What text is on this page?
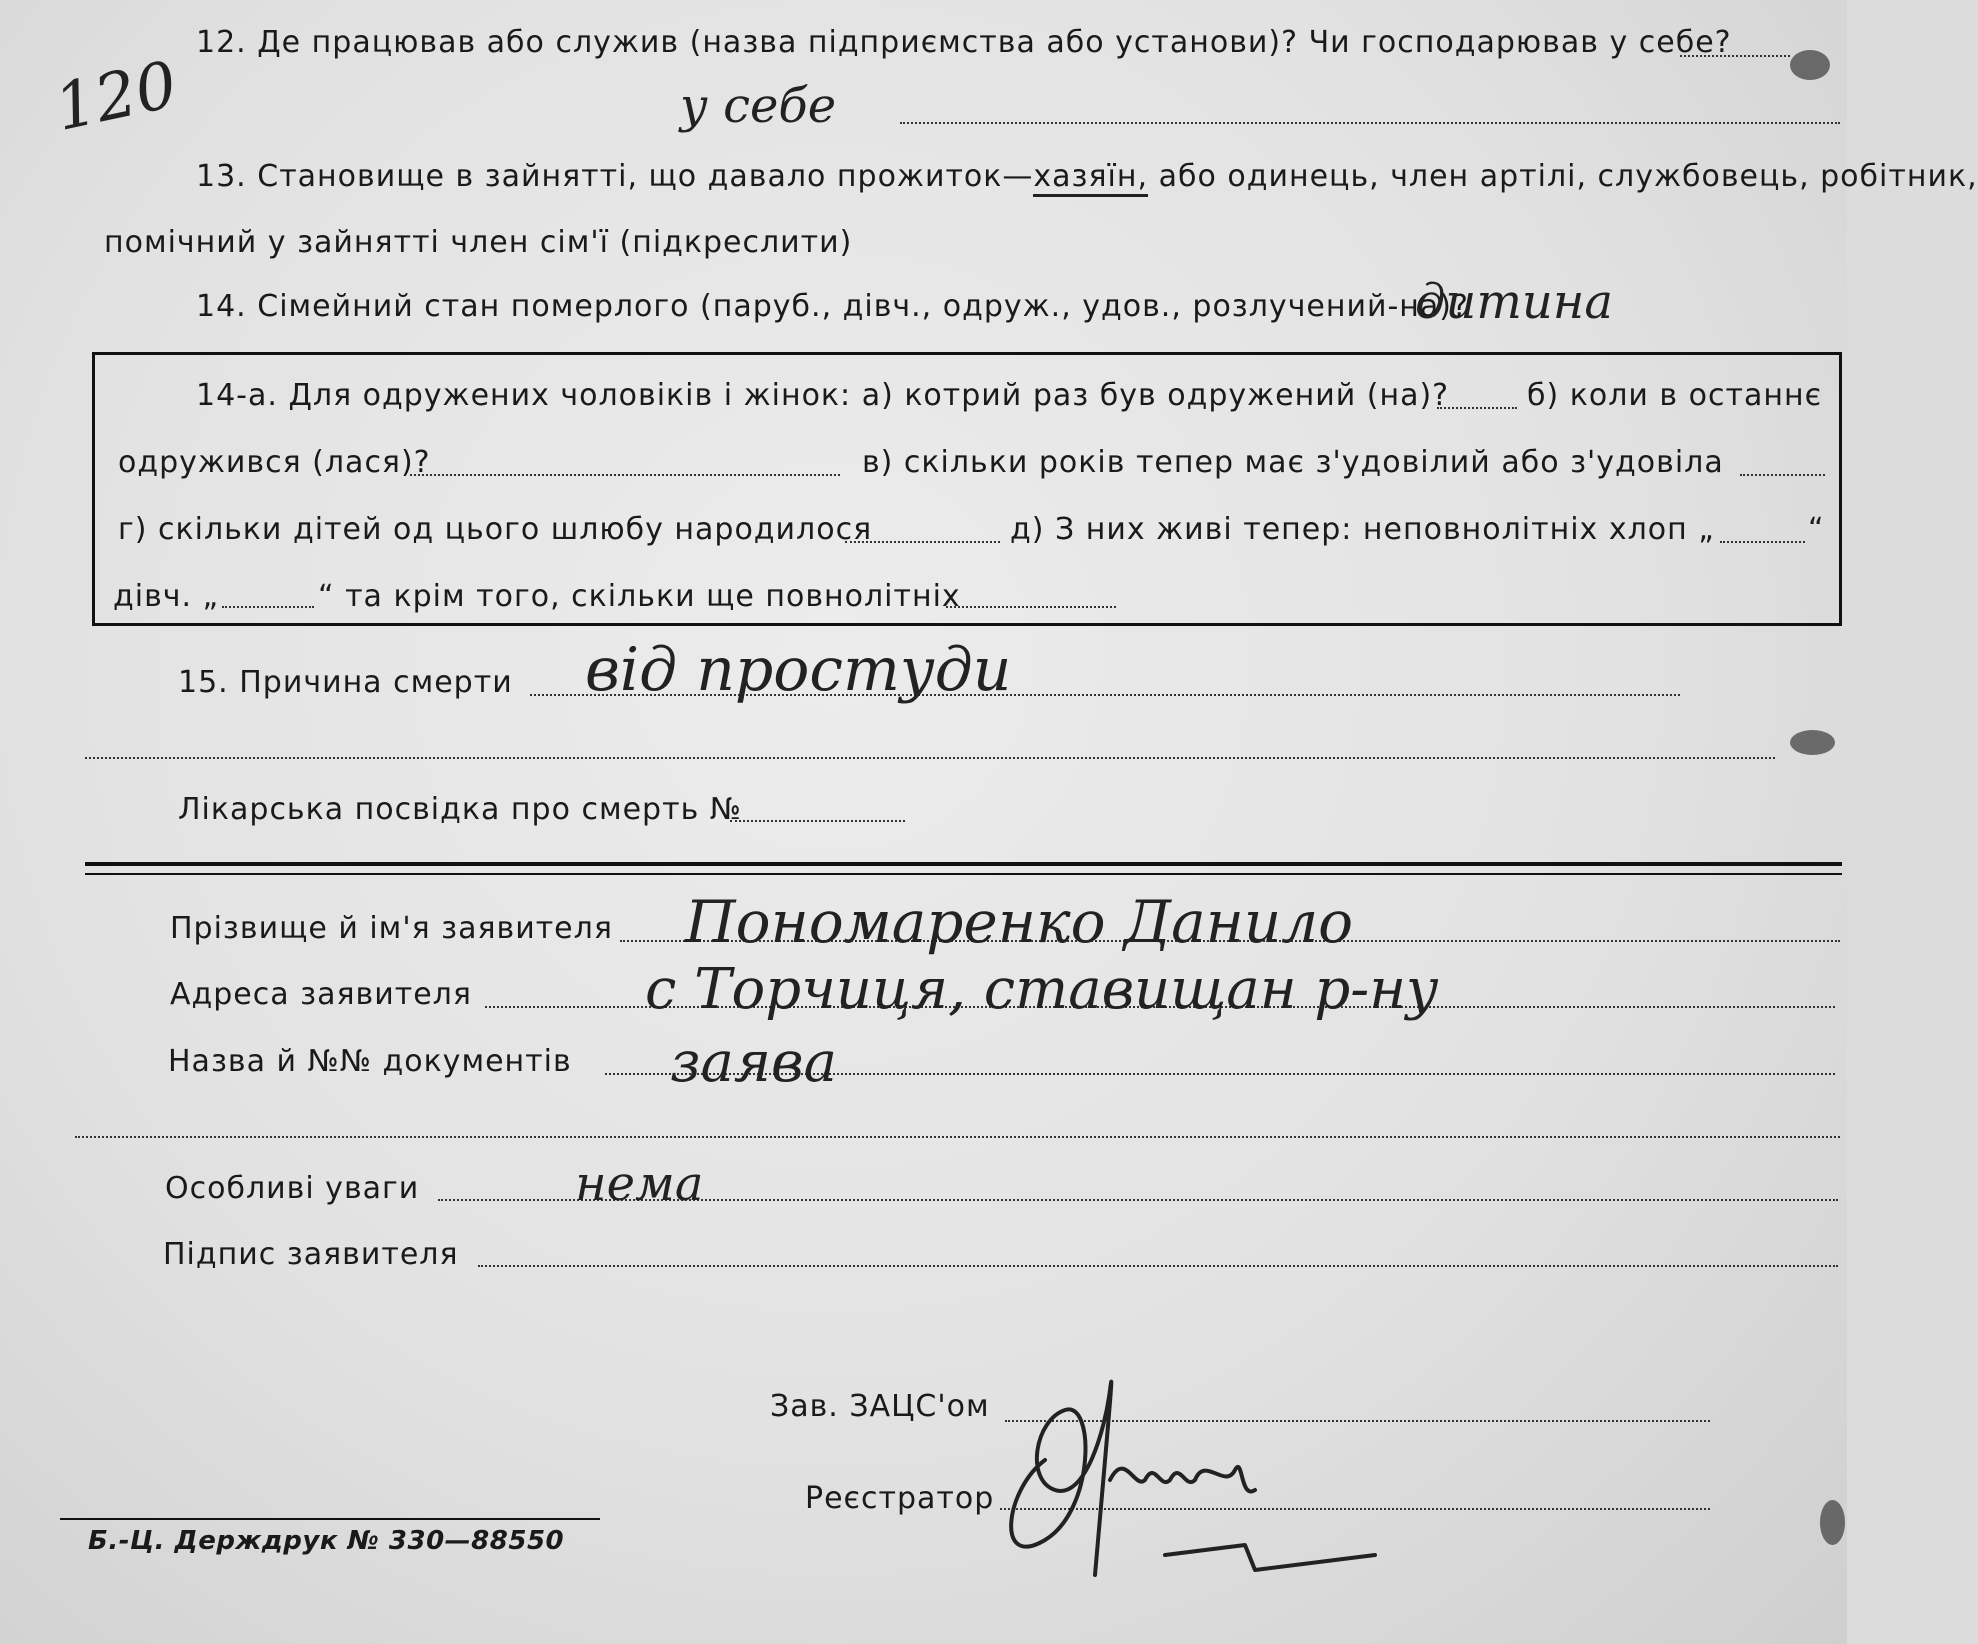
120
12. Де працював або служив (назва підприємства або установи)? Чи господарював у себе?
у себе
13. Становище в зайнятті, що давало прожиток—хазяїн, або одинець, член артілі, службовець, робітник,
помічний у зайнятті член сім'ї (підкреслити)
14. Сімейний стан померлого (паруб., дівч., одруж., удов., розлучений-на)?
дитина
14-а. Для одружених чоловіків і жінок: а) котрий раз був одружений (на)?	б) коли в останнє
одружився (лася)?	в) скільки років тепер має з'удовілий або з'удовіла
г) скільки дітей од цього шлюбу народилося	д) З них живі тепер: неповнолітніх хлоп „	“
дівч. „	“ та крім того, скільки ще повнолітніх
15. Причина смерти від простуди
Лікарська посвідка про смерть №
Прізвище й ім'я заявителя Пономаренко Данило
Адреса заявителя	с Торчиця, ставищан р-ну
Назва й №№ документів заява
Особливі уваги	нема
Підпис заявителя
Зав. ЗАЦС'ом
Реєстратор
Б.-Ц. Держдрук № 330—88550
